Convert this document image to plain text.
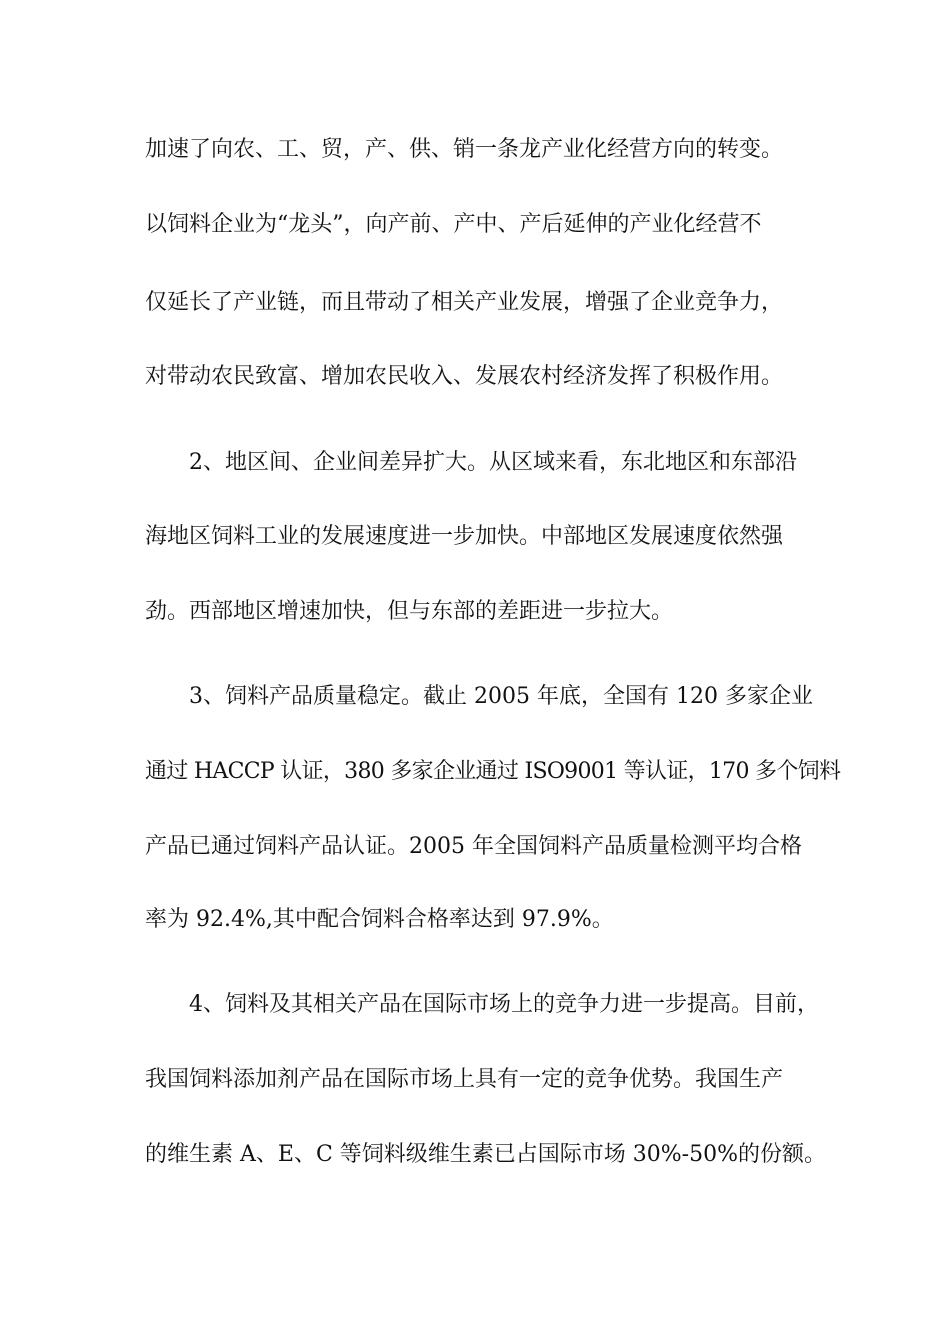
加速了向农、工、贸，产、供、销一条龙产业化经营方向的转变。
以饲料企业为“龙头”，向产前、产中、产后延伸的产业化经营不
仅延长了产业链，而且带动了相关产业发展，增强了企业竞争力，
对带动农民致富、增加农民收入、发展农村经济发挥了积极作用。
2、地区间、企业间差异扩大。从区域来看，东北地区和东部沿
海地区饲料工业的发展速度进一步加快。中部地区发展速度依然强
劲。西部地区增速加快，但与东部的差距进一步拉大。
3、饲料产品质量稳定。截止 2005 年底，全国有 120 多家企业
通过 HACCP 认证，380 多家企业通过 ISO9001 等认证，170 多个饲料
产品已通过饲料产品认证。2005 年全国饲料产品质量检测平均合格
率为 92.4%,其中配合饲料合格率达到 97.9%。
4、饲料及其相关产品在国际市场上的竞争力进一步提高。目前，
我国饲料添加剂产品在国际市场上具有一定的竞争优势。我国生产
的维生素 A、E、C 等饲料级维生素已占国际市场 30%-50%的份额。
